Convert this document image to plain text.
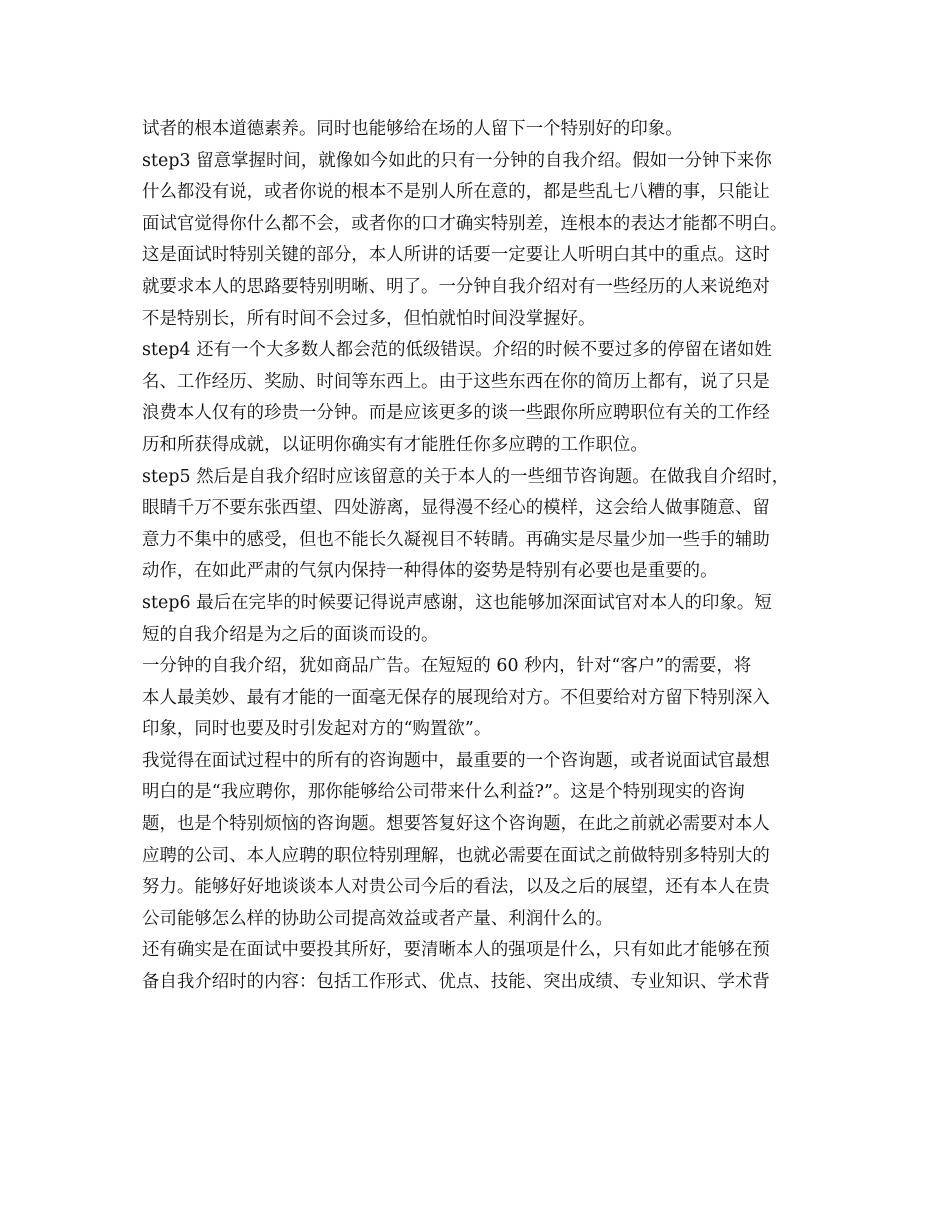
试者的根本道德素养。同时也能够给在场的人留下一个特别好的印象。
step3 留意掌握时间，就像如今如此的只有一分钟的自我介绍。假如一分钟下来你
什么都没有说，或者你说的根本不是别人所在意的，都是些乱七八糟的事，只能让
面试官觉得你什么都不会，或者你的口才确实特别差，连根本的表达才能都不明白。
这是面试时特别关键的部分，本人所讲的话要一定要让人听明白其中的重点。这时
就要求本人的思路要特别明晰、明了。一分钟自我介绍对有一些经历的人来说绝对
不是特别长，所有时间不会过多，但怕就怕时间没掌握好。
step4 还有一个大多数人都会范的低级错误。介绍的时候不要过多的停留在诸如姓
名、工作经历、奖励、时间等东西上。由于这些东西在你的简历上都有，说了只是
浪费本人仅有的珍贵一分钟。而是应该更多的谈一些跟你所应聘职位有关的工作经
历和所获得成就，以证明你确实有才能胜任你多应聘的工作职位。
step5 然后是自我介绍时应该留意的关于本人的一些细节咨询题。在做我自介绍时，
眼睛千万不要东张西望、四处游离，显得漫不经心的模样，这会给人做事随意、留
意力不集中的感受，但也不能长久凝视目不转睛。再确实是尽量少加一些手的辅助
动作，在如此严肃的气氛内保持一种得体的姿势是特别有必要也是重要的。
step6 最后在完毕的时候要记得说声感谢，这也能够加深面试官对本人的印象。短
短的自我介绍是为之后的面谈而设的。
一分钟的自我介绍，犹如商品广告。在短短的 60 秒内，针对“客户”的需要，将
本人最美妙、最有才能的一面毫无保存的展现给对方。不但要给对方留下特别深入
印象，同时也要及时引发起对方的“购置欲”。
我觉得在面试过程中的所有的咨询题中，最重要的一个咨询题，或者说面试官最想
明白的是“我应聘你，那你能够给公司带来什么利益?”。这是个特别现实的咨询
题，也是个特别烦恼的咨询题。想要答复好这个咨询题，在此之前就必需要对本人
应聘的公司、本人应聘的职位特别理解，也就必需要在面试之前做特别多特别大的
努力。能够好好地谈谈本人对贵公司今后的看法，以及之后的展望，还有本人在贵
公司能够怎么样的协助公司提高效益或者产量、利润什么的。
还有确实是在面试中要投其所好，要清晰本人的强项是什么，只有如此才能够在预
备自我介绍时的内容：包括工作形式、优点、技能、突出成绩、专业知识、学术背
